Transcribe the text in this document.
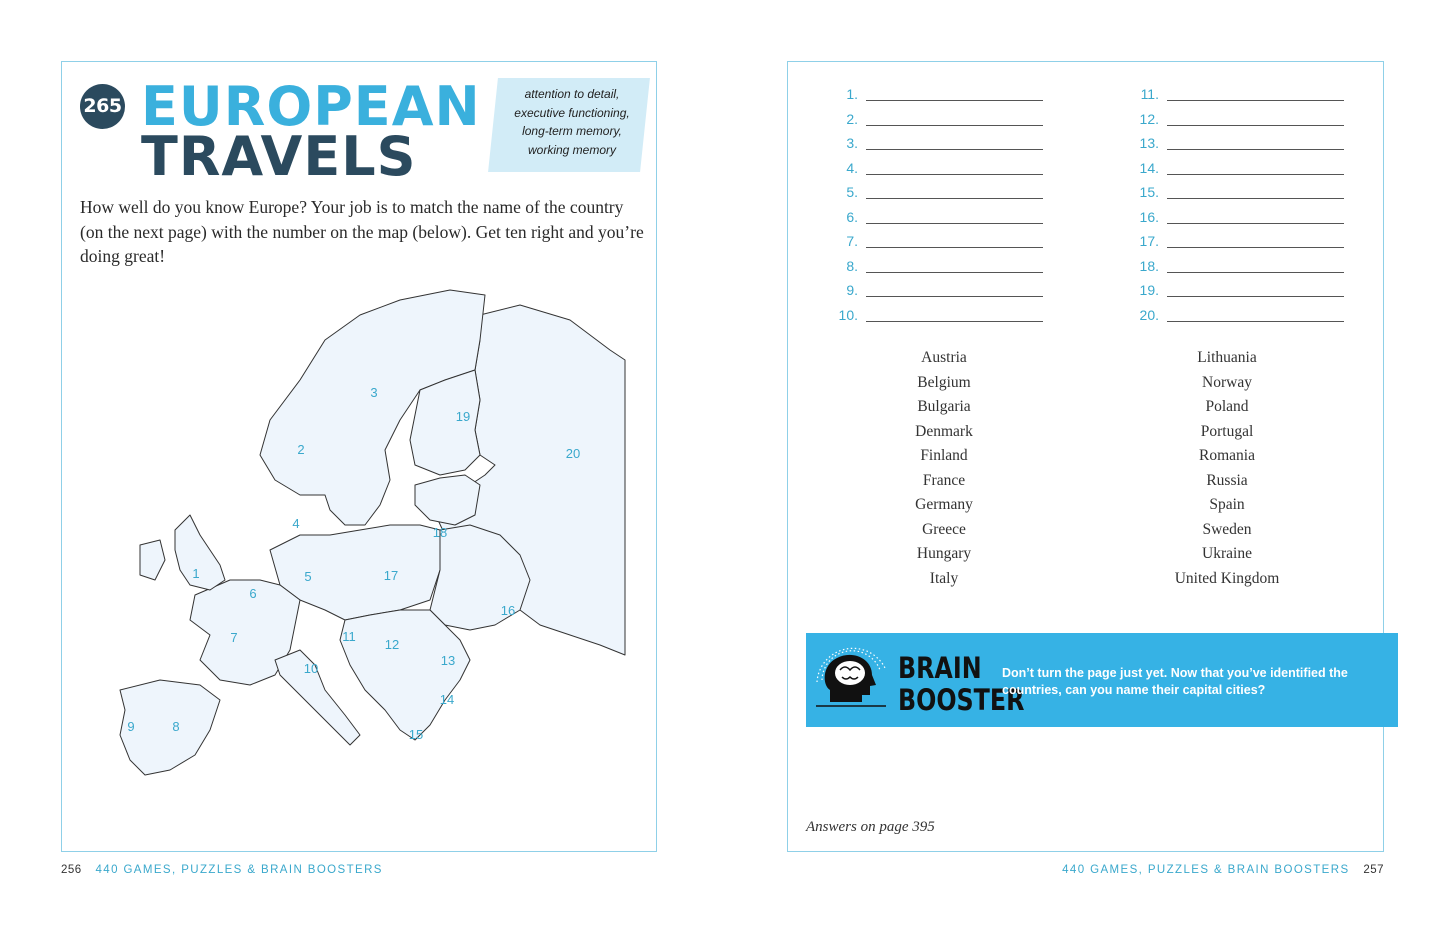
265 EUROPEAN
TRAVELS
attention to detail,
executive functioning,
long-term memory,
working memory
How well do you know Europe? Your job is to match the name of the country (on the next page) with the number on the map (below). Get ten right and you’re doing great!
1
2
3
4
5
6
7
8
9
10
11
12
13
14
15
16
17
18
19
20
256 440 GAMES, PUZZLES & BRAIN BOOSTERS
1.
2.
3.
4.
5.
6.
7.
8.
9.
10.
11.
12.
13.
14.
15.
16.
17.
18.
19.
20.
Austria
Belgium
Bulgaria
Denmark
Finland
France
Germany
Greece
Hungary
Italy
Lithuania
Norway
Poland
Portugal
Romania
Russia
Spain
Sweden
Ukraine
United Kingdom
BRAIN
BOOSTER
Don’t turn the page just yet. Now that you’ve identified the countries, can you name their capital cities?
Answers on page 395
440 GAMES, PUZZLES & BRAIN BOOSTERS 257
